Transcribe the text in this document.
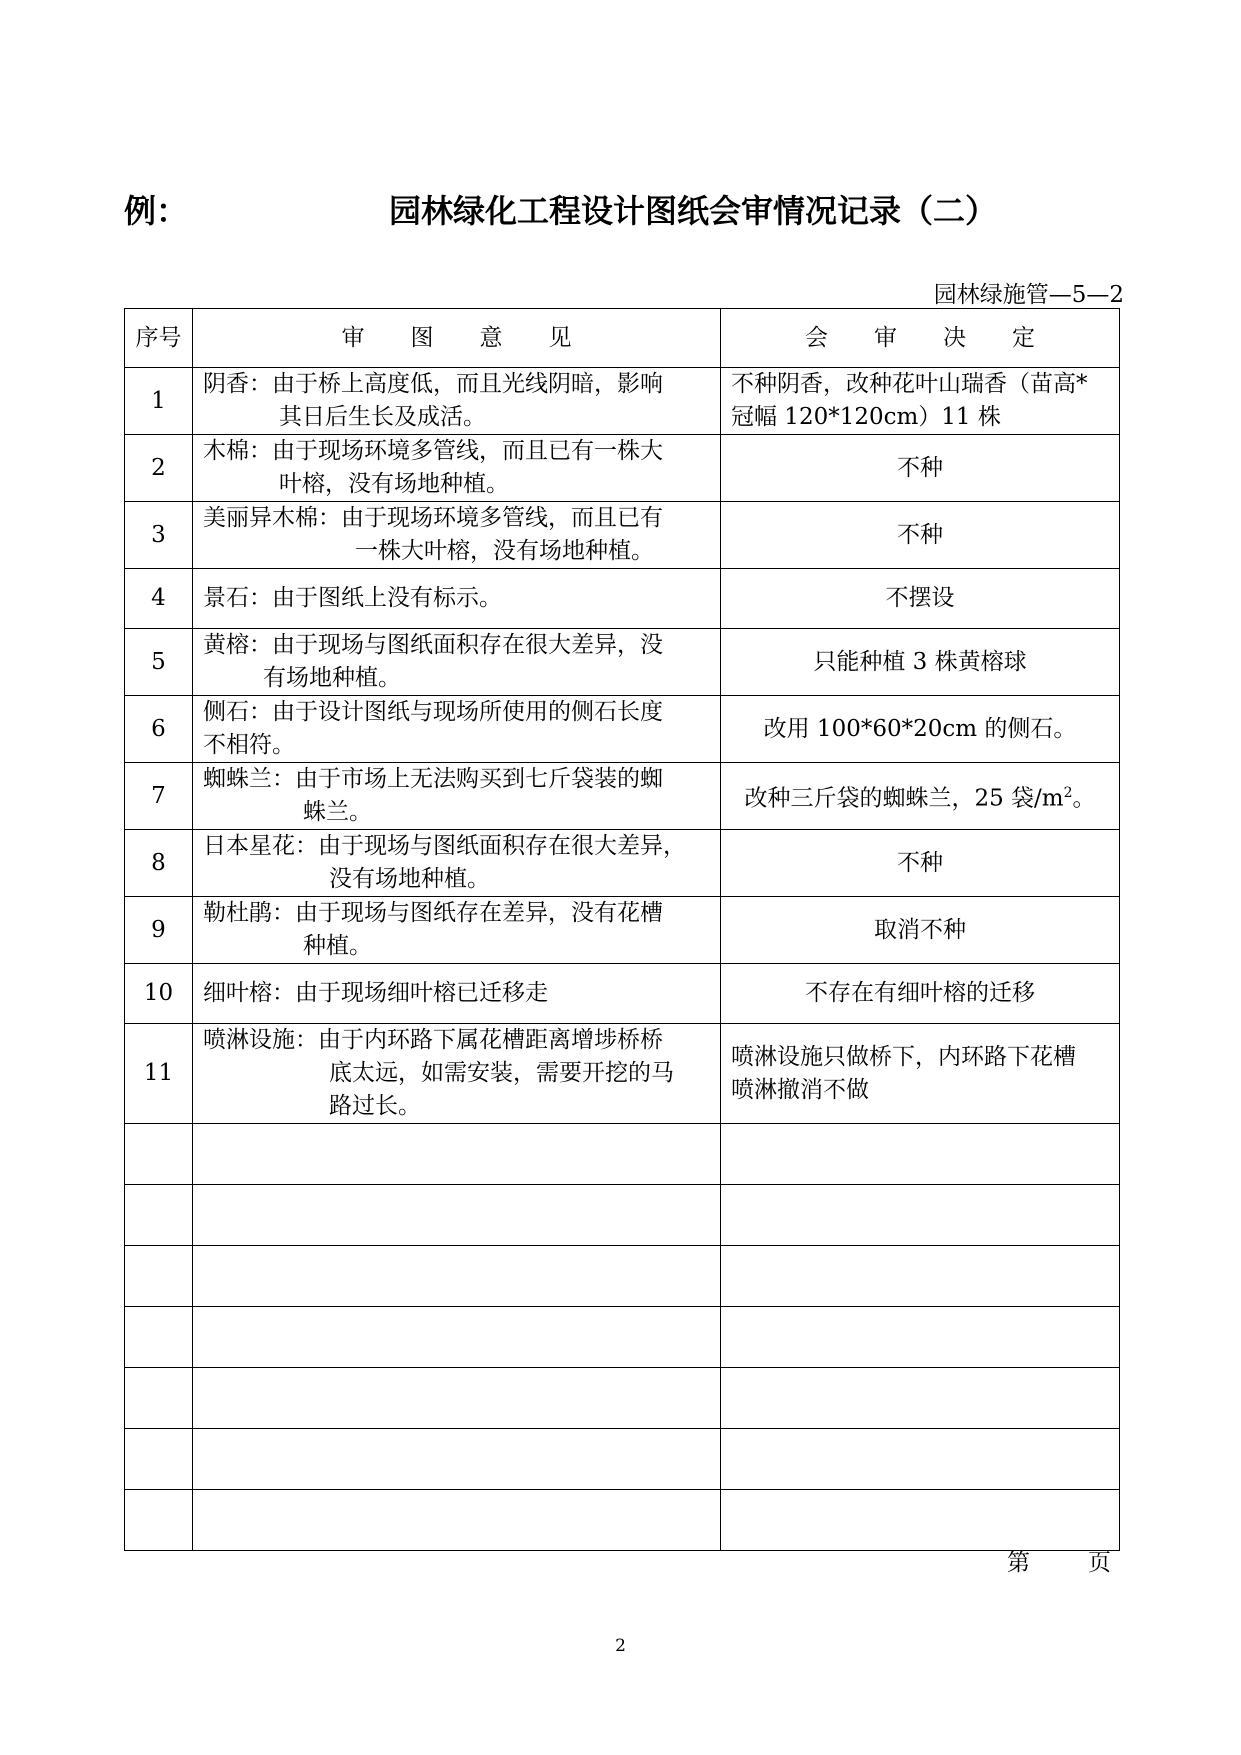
例：	园林绿化工程设计图纸会审情况记录（二）
园林绿施管—5—2
序号	审　　图　　意　　见	会　　审　　决　　定
1	阴香：由于桥上高度低，而且光线阴暗，影响
其日后生长及成活。	不种阴香，改种花叶山瑞香（苗高*
冠幅 120*120cm）11 株
2	木棉：由于现场环境多管线，而且已有一株大
叶榕，没有场地种植。	不种
3	美丽异木棉：由于现场环境多管线，而且已有
一株大叶榕，没有场地种植。	不种
4	景石：由于图纸上没有标示。	不摆设
5	黄榕：由于现场与图纸面积存在很大差异，没
有场地种植。	只能种植 3 株黄榕球
6	侧石：由于设计图纸与现场所使用的侧石长度
不相符。	改用 100*60*20cm 的侧石。
7	蜘蛛兰：由于市场上无法购买到七斤袋装的蜘
蛛兰。	改种三斤袋的蜘蛛兰，25 袋$/m^2$。
8	日本星花：由于现场与图纸面积存在很大差异，
没有场地种植。	不种
9	勒杜鹃：由于现场与图纸存在差异，没有花槽
种植。	取消不种
10	细叶榕：由于现场细叶榕已迁移走	不存在有细叶榕的迁移
11	喷淋设施：由于内环路下属花槽距离增埗桥桥
底太远，如需安装，需要开挖的马
路过长。	喷淋设施只做桥下，内环路下花槽
喷淋撤消不做

第	页
2
